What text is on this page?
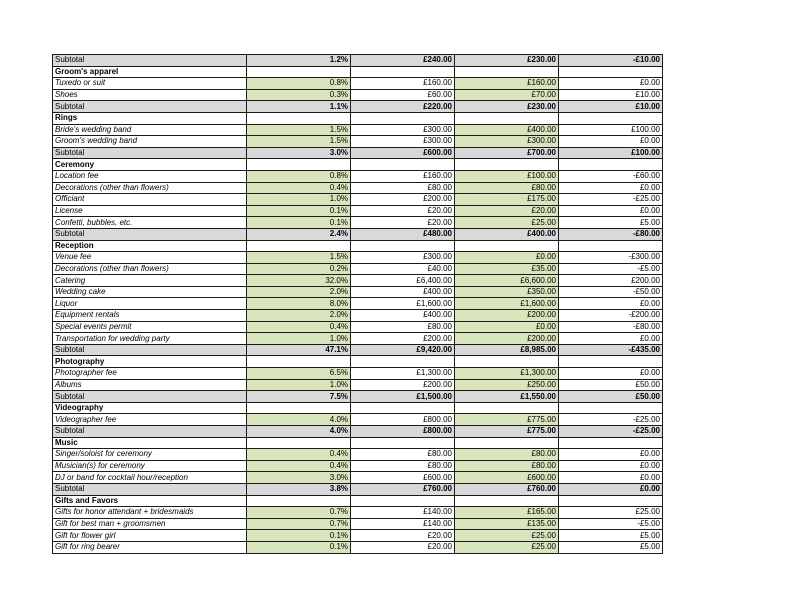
Subtotal	1.2%	£240.00	£230.00	-£10.00
Groom's apparel				
Tuxedo or suit	0.8%	£160.00	£160.00	£0.00
Shoes	0.3%	£60.00	£70.00	£10.00
Subtotal	1.1%	£220.00	£230.00	£10.00
Rings				
Bride's wedding band	1.5%	£300.00	£400.00	£100.00
Groom's wedding band	1.5%	£300.00	£300.00	£0.00
Subtotal	3.0%	£600.00	£700.00	£100.00
Ceremony				
Location fee	0.8%	£160.00	£100.00	-£60.00
Decorations (other than flowers)	0.4%	£80.00	£80.00	£0.00
Officiant	1.0%	£200.00	£175.00	-£25.00
License	0.1%	£20.00	£20.00	£0.00
Confetti, bubbles, etc.	0.1%	£20.00	£25.00	£5.00
Subtotal	2.4%	£480.00	£400.00	-£80.00
Reception				
Venue fee	1.5%	£300.00	£0.00	-£300.00
Decorations (other than flowers)	0.2%	£40.00	£35.00	-£5.00
Catering	32.0%	£6,400.00	£6,600.00	£200.00
Wedding cake	2.0%	£400.00	£350.00	-£50.00
Liquor	8.0%	£1,600.00	£1,600.00	£0.00
Equipment rentals	2.0%	£400.00	£200.00	-£200.00
Special events permit	0.4%	£80.00	£0.00	-£80.00
Transportation for wedding party	1.0%	£200.00	£200.00	£0.00
Subtotal	47.1%	£9,420.00	£8,985.00	-£435.00
Photography				
Photographer fee	6.5%	£1,300.00	£1,300.00	£0.00
Albums	1.0%	£200.00	£250.00	£50.00
Subtotal	7.5%	£1,500.00	£1,550.00	£50.00
Videography				
Videographer fee	4.0%	£800.00	£775.00	-£25.00
Subtotal	4.0%	£800.00	£775.00	-£25.00
Music				
Singer/soloist for ceremony	0.4%	£80.00	£80.00	£0.00
Musician(s) for ceremony	0.4%	£80.00	£80.00	£0.00
DJ or band for cocktail hour/reception	3.0%	£600.00	£600.00	£0.00
Subtotal	3.8%	£760.00	£760.00	£0.00
Gifts and Favors				
Gifts for honor attendant + bridesmaids	0.7%	£140.00	£165.00	£25.00
Gift for best man + groomsmen	0.7%	£140.00	£135.00	-£5.00
Gift for flower girl	0.1%	£20.00	£25.00	£5.00
Gift for ring bearer	0.1%	£20.00	£25.00	£5.00
